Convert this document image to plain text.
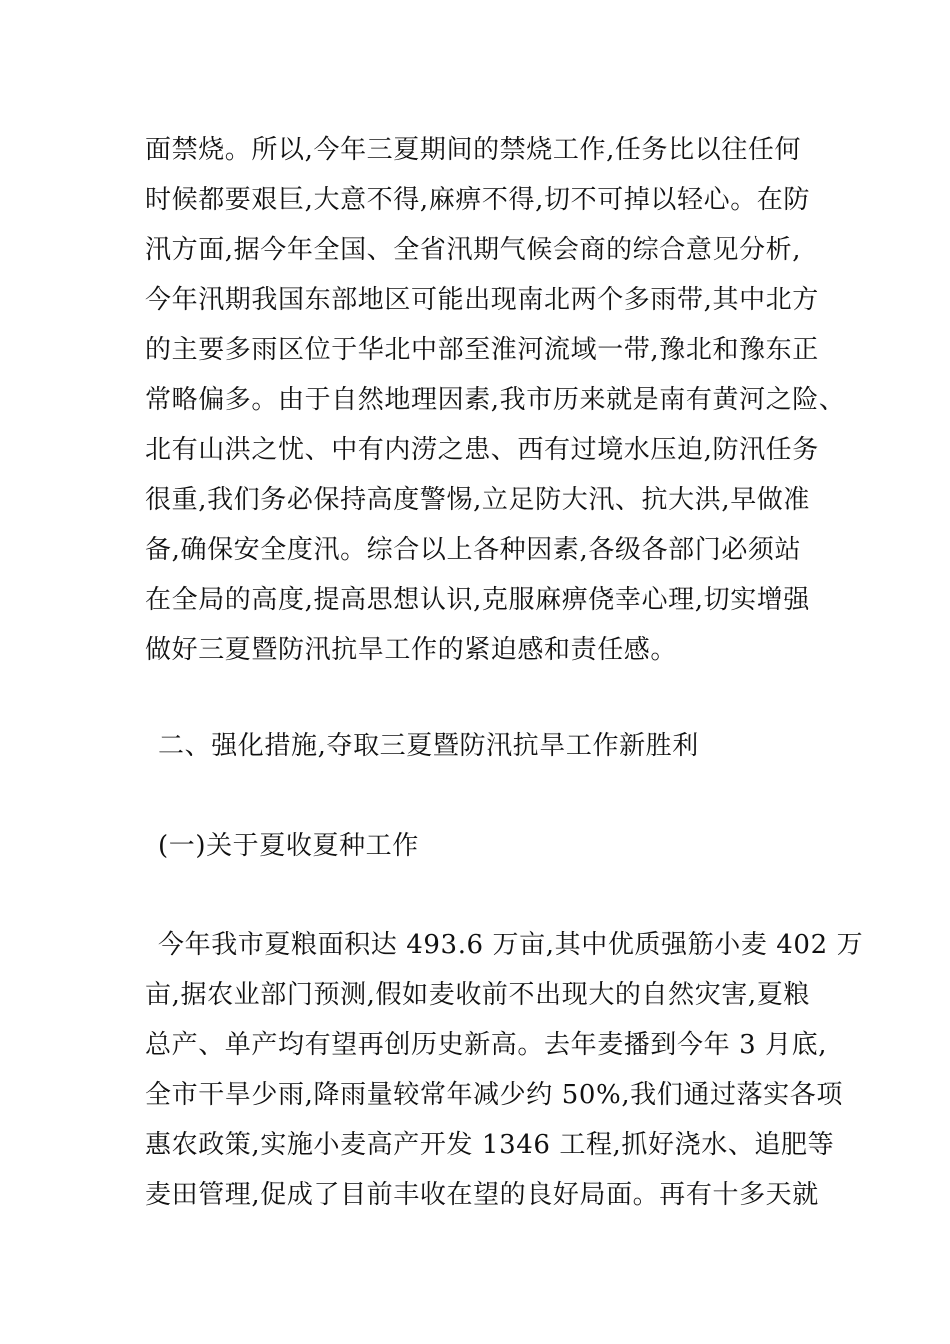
面禁烧。所以,今年三夏期间的禁烧工作,任务比以往任何
时候都要艰巨,大意不得,麻痹不得,切不可掉以轻心。在防
汛方面,据今年全国、全省汛期气候会商的综合意见分析,
今年汛期我国东部地区可能出现南北两个多雨带,其中北方
的主要多雨区位于华北中部至淮河流域一带,豫北和豫东正
常略偏多。由于自然地理因素,我市历来就是南有黄河之险、
北有山洪之忧、中有内涝之患、西有过境水压迫,防汛任务
很重,我们务必保持高度警惕,立足防大汛、抗大洪,早做准
备,确保安全度汛。综合以上各种因素,各级各部门必须站
在全局的高度,提高思想认识,克服麻痹侥幸心理,切实增强
做好三夏暨防汛抗旱工作的紧迫感和责任感。
二、强化措施,夺取三夏暨防汛抗旱工作新胜利
(一)关于夏收夏种工作
今年我市夏粮面积达 493.6 万亩,其中优质强筋小麦 402 万
亩,据农业部门预测,假如麦收前不出现大的自然灾害,夏粮
总产、单产均有望再创历史新高。去年麦播到今年 3 月底,
全市干旱少雨,降雨量较常年减少约 50%,我们通过落实各项
惠农政策,实施小麦高产开发 1346 工程,抓好浇水、追肥等
麦田管理,促成了目前丰收在望的良好局面。再有十多天就
